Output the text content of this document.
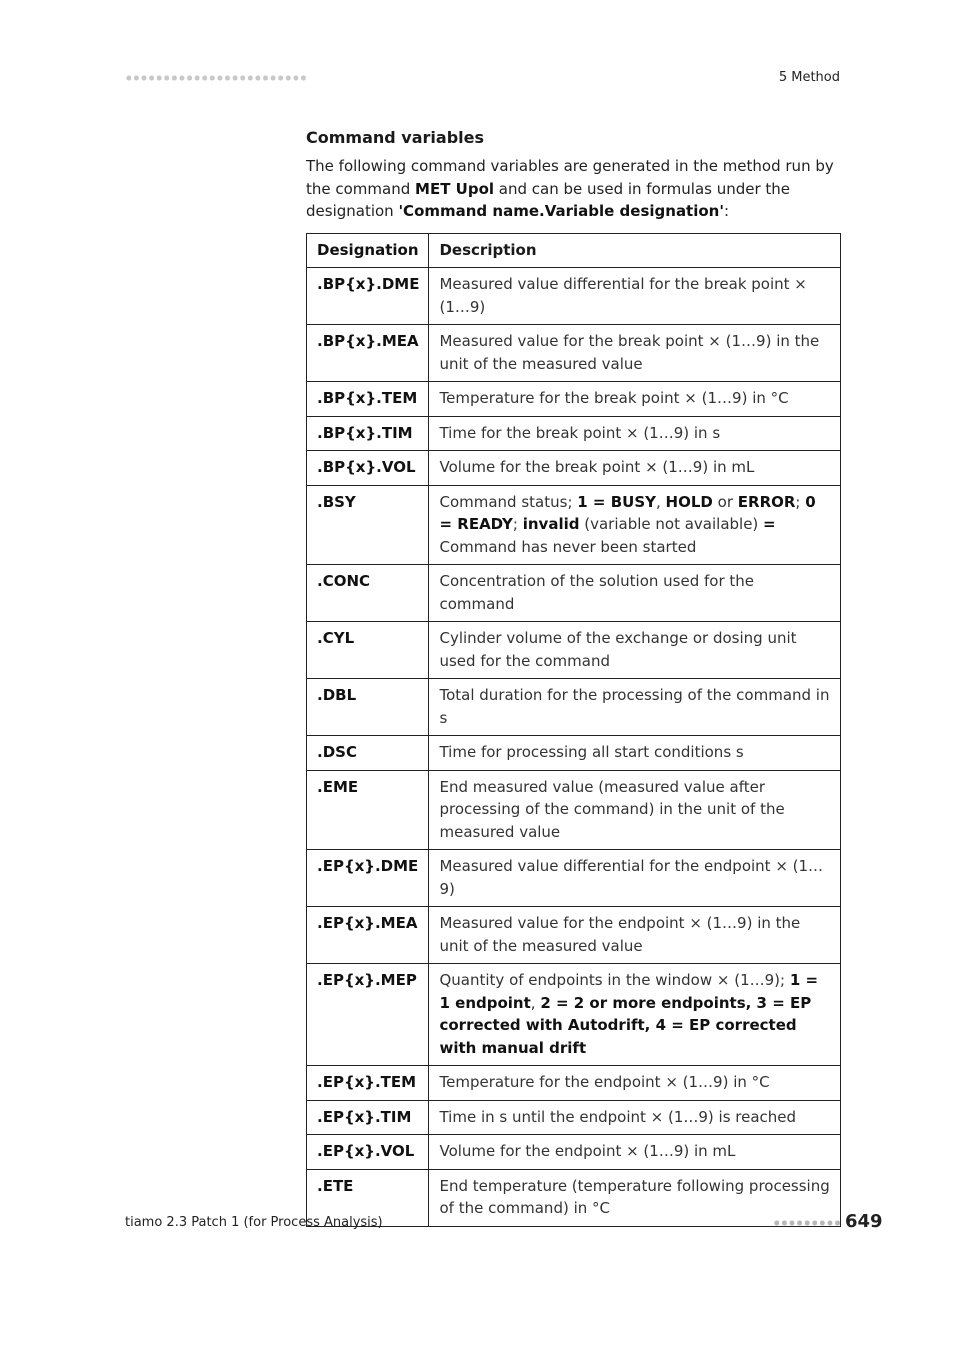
5 Method
Command variables

The following command variables are generated in the method run by the command MET Upol and can be used in formulas under the designation 'Command name.Variable designation':

Designation	Description
.BP{x}.DME	Measured value differential for the break point × (1…9)
.BP{x}.MEA	Measured value for the break point × (1…9) in the unit of the measured value
.BP{x}.TEM	Temperature for the break point × (1…9) in °C
.BP{x}.TIM	Time for the break point × (1…9) in s
.BP{x}.VOL	Volume for the break point × (1…9) in mL
.BSY	Command status; 1 = BUSY, HOLD or ERROR; 0 = READY; invalid (variable not available) = Command has never been started
.CONC	Concentration of the solution used for the command
.CYL	Cylinder volume of the exchange or dosing unit used for the command
.DBL	Total duration for the processing of the command in s
.DSC	Time for processing all start conditions s
.EME	End measured value (measured value after processing of the command) in the unit of the measured value
.EP{x}.DME	Measured value differential for the endpoint × (1…9)
.EP{x}.MEA	Measured value for the endpoint × (1…9) in the unit of the measured value
.EP{x}.MEP	Quantity of endpoints in the window × (1…9); 1 = 1 endpoint, 2 = 2 or more endpoints, 3 = EP corrected with Autodrift, 4 = EP corrected with manual drift
.EP{x}.TEM	Temperature for the endpoint × (1…9) in °C
.EP{x}.TIM	Time in s until the endpoint × (1…9) is reached
.EP{x}.VOL	Volume for the endpoint × (1…9) in mL
.ETE	End temperature (temperature following processing of the command) in °C
tiamo 2.3 Patch 1 (for Process Analysis)	649
